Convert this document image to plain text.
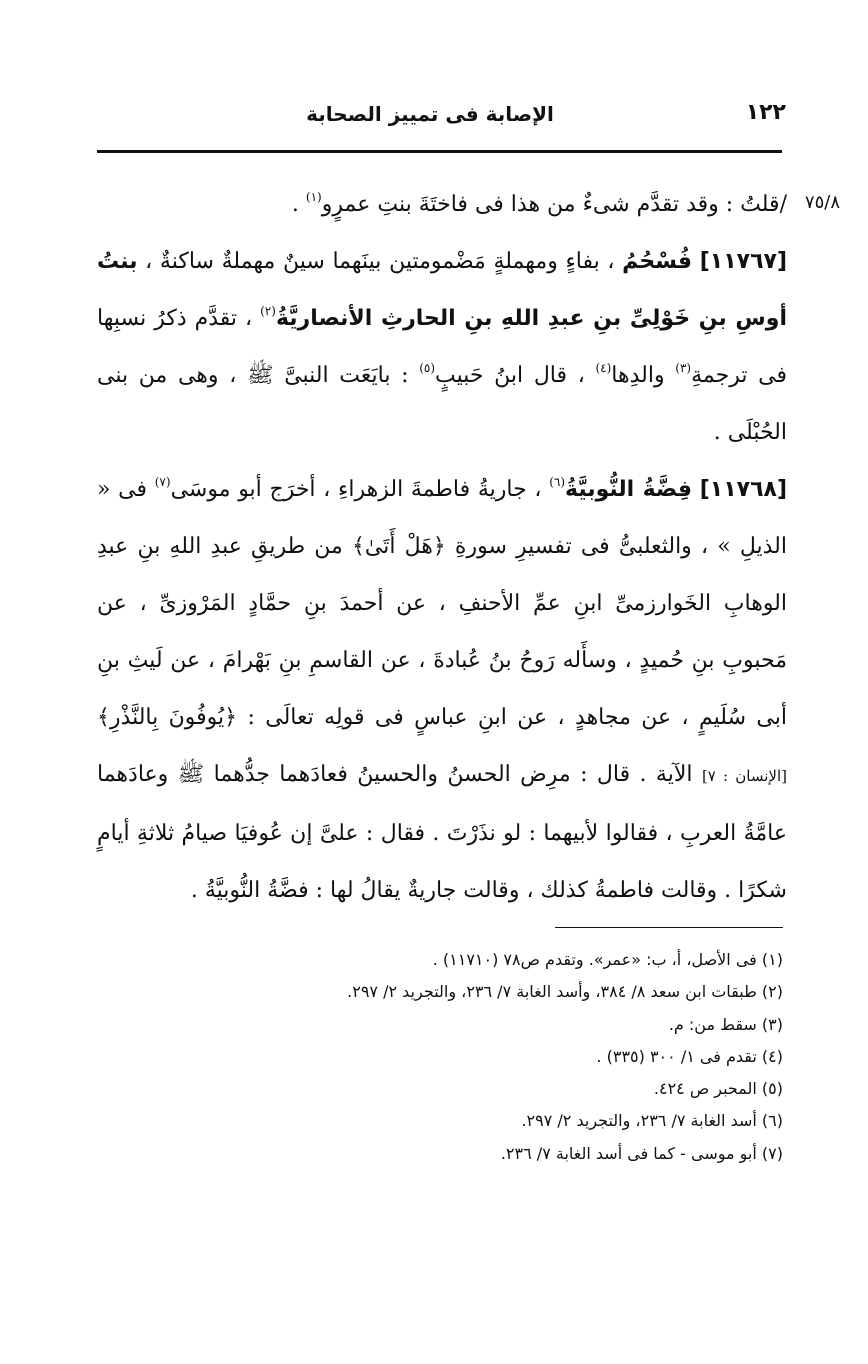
١٢٢
الإصابة فى تمييز الصحابة
٧٥/٨

/قلتُ : وقد تقدَّم شىءٌ من هذا فى فاختَةَ بنتِ عمرٍو$^{(١)}$ .

[١١٧٦٧] فُسْحُمُ ، بفاءٍ ومهملةٍ مَضْمومتين بينَهما سينٌ مهملةٌ ساكنةٌ ، بنتُ أوسِ بنِ خَوْلِىِّ بنِ عبدِ اللهِ بنِ الحارثِ الأنصاريَّةُ$^{(٢)}$ ، تقدَّم ذكرُ نسبِها فى ترجمةِ$^{(٣)}$ والدِها$^{(٤)}$ ، قال ابنُ حَبيبٍ$^{(٥)}$ : بايَعَت النبىَّ ﷺ ، وهى من بنى الحُبْلَى .

[١١٧٦٨] فِضَّةُ النُّوبيَّةُ$^{(٦)}$ ، جاريةُ فاطمةَ الزهراءِ ، أخرَج أبو موسَى$^{(٧)}$ فى « الذيلِ » ، والثعلبىُّ فى تفسيرِ سورةِ ﴿هَلْ أَتَىٰ﴾ من طريقِ عبدِ اللهِ بنِ عبدِ الوهابِ الخَوارزمىِّ ابنِ عمِّ الأحنفِ ، عن أحمدَ بنِ حمَّادٍ المَرْوزىِّ ، عن مَحبوبِ بنِ حُميدٍ ، وسأَله رَوحُ بنُ عُبادةَ ، عن القاسمِ بنِ بَهْرامَ ، عن لَيثِ بنِ أبى سُلَيمٍ ، عن مجاهدٍ ، عن ابنِ عباسٍ فى قولِه تعالَى : ﴿يُوفُونَ بِالنَّذْرِ﴾ [الإنسان : ٧] الآية . قال : مرِض الحسنُ والحسينُ فعادَهما جدُّهما ﷺ وعادَهما عامَّةُ العربِ ، فقالوا لأبيهما : لو نذَرْتَ . فقال : علىَّ إن عُوفيَا صيامُ ثلاثةِ أيامٍ شكرًا . وقالت فاطمةُ كذلك ، وقالت جاريةٌ يقالُ لها : فضَّةُ النُّوبيَّةُ .

(١) فى الأصل، أ، ب: «عمر». وتقدم ص٧٨ (١١٧١٠) .
(٢) طبقات ابن سعد ٨/ ٣٨٤، وأسد الغابة ٧/ ٢٣٦، والتجريد ٢/ ٢٩٧.
(٣) سقط من: م.
(٤) تقدم فى ١/ ٣٠٠ (٣٣٥) .
(٥) المحبر ص ٤٢٤.
(٦) أسد الغابة ٧/ ٢٣٦، والتجريد ٢/ ٢٩٧.
(٧) أبو موسى - كما فى أسد الغابة ٧/ ٢٣٦.
